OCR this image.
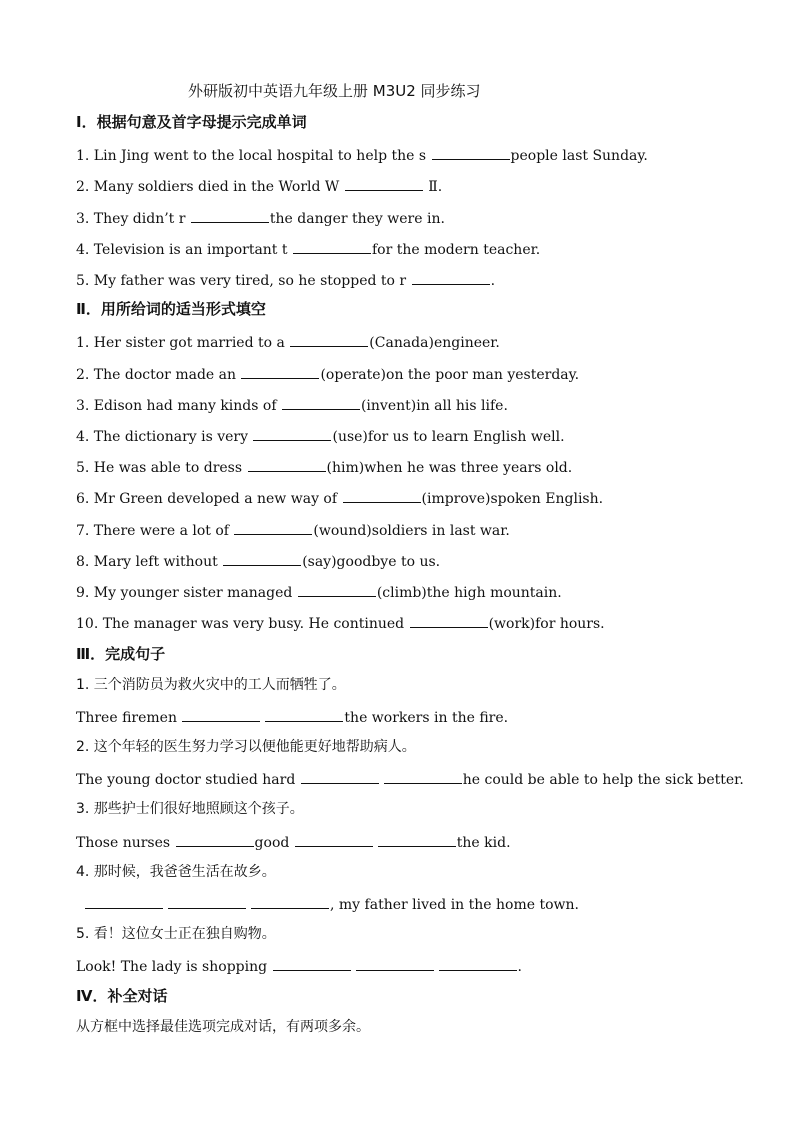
外研版初中英语九年级上册 M3U2 同步练习
Ⅰ．根据句意及首字母提示完成单词
1. Lin Jing went to the local hospital to help the s	people last Sunday.
2. Many soldiers died in the World W	Ⅱ.
3. They didn’t r	the danger they were in.
4. Television is an important t	for the modern teacher.
5. My father was very tired, so he stopped to r	.
Ⅱ．用所给词的适当形式填空
1. Her sister got married to a	(Canada)engineer.
2. The doctor made an	(operate)on the poor man yesterday.
3. Edison had many kinds of	(invent)in all his life.
4. The dictionary is very	(use)for us to learn English well.
5. He was able to dress	(him)when he was three years old.
6. Mr Green developed a new way of	(improve)spoken English.
7. There were a lot of	(wound)soldiers in last war.
8. Mary left without	(say)goodbye to us.
9. My younger sister managed	(climb)the high mountain.
10. The manager was very busy. He continued	(work)for hours.
Ⅲ．完成句子
1. 三个消防员为救火灾中的工人而牺牲了。
Three firemen	the workers in the fire.
2. 这个年轻的医生努力学习以便他能更好地帮助病人。
The young doctor studied hard	he could be able to help the sick better.
3. 那些护士们很好地照顾这个孩子。
Those nurses	good	the kid.
4. 那时候，我爸爸生活在故乡。
, my father lived in the home town.
5. 看！这位女士正在独自购物。
Look! The lady is shopping	.
Ⅳ．补全对话
从方框中选择最佳选项完成对话，有两项多余。
